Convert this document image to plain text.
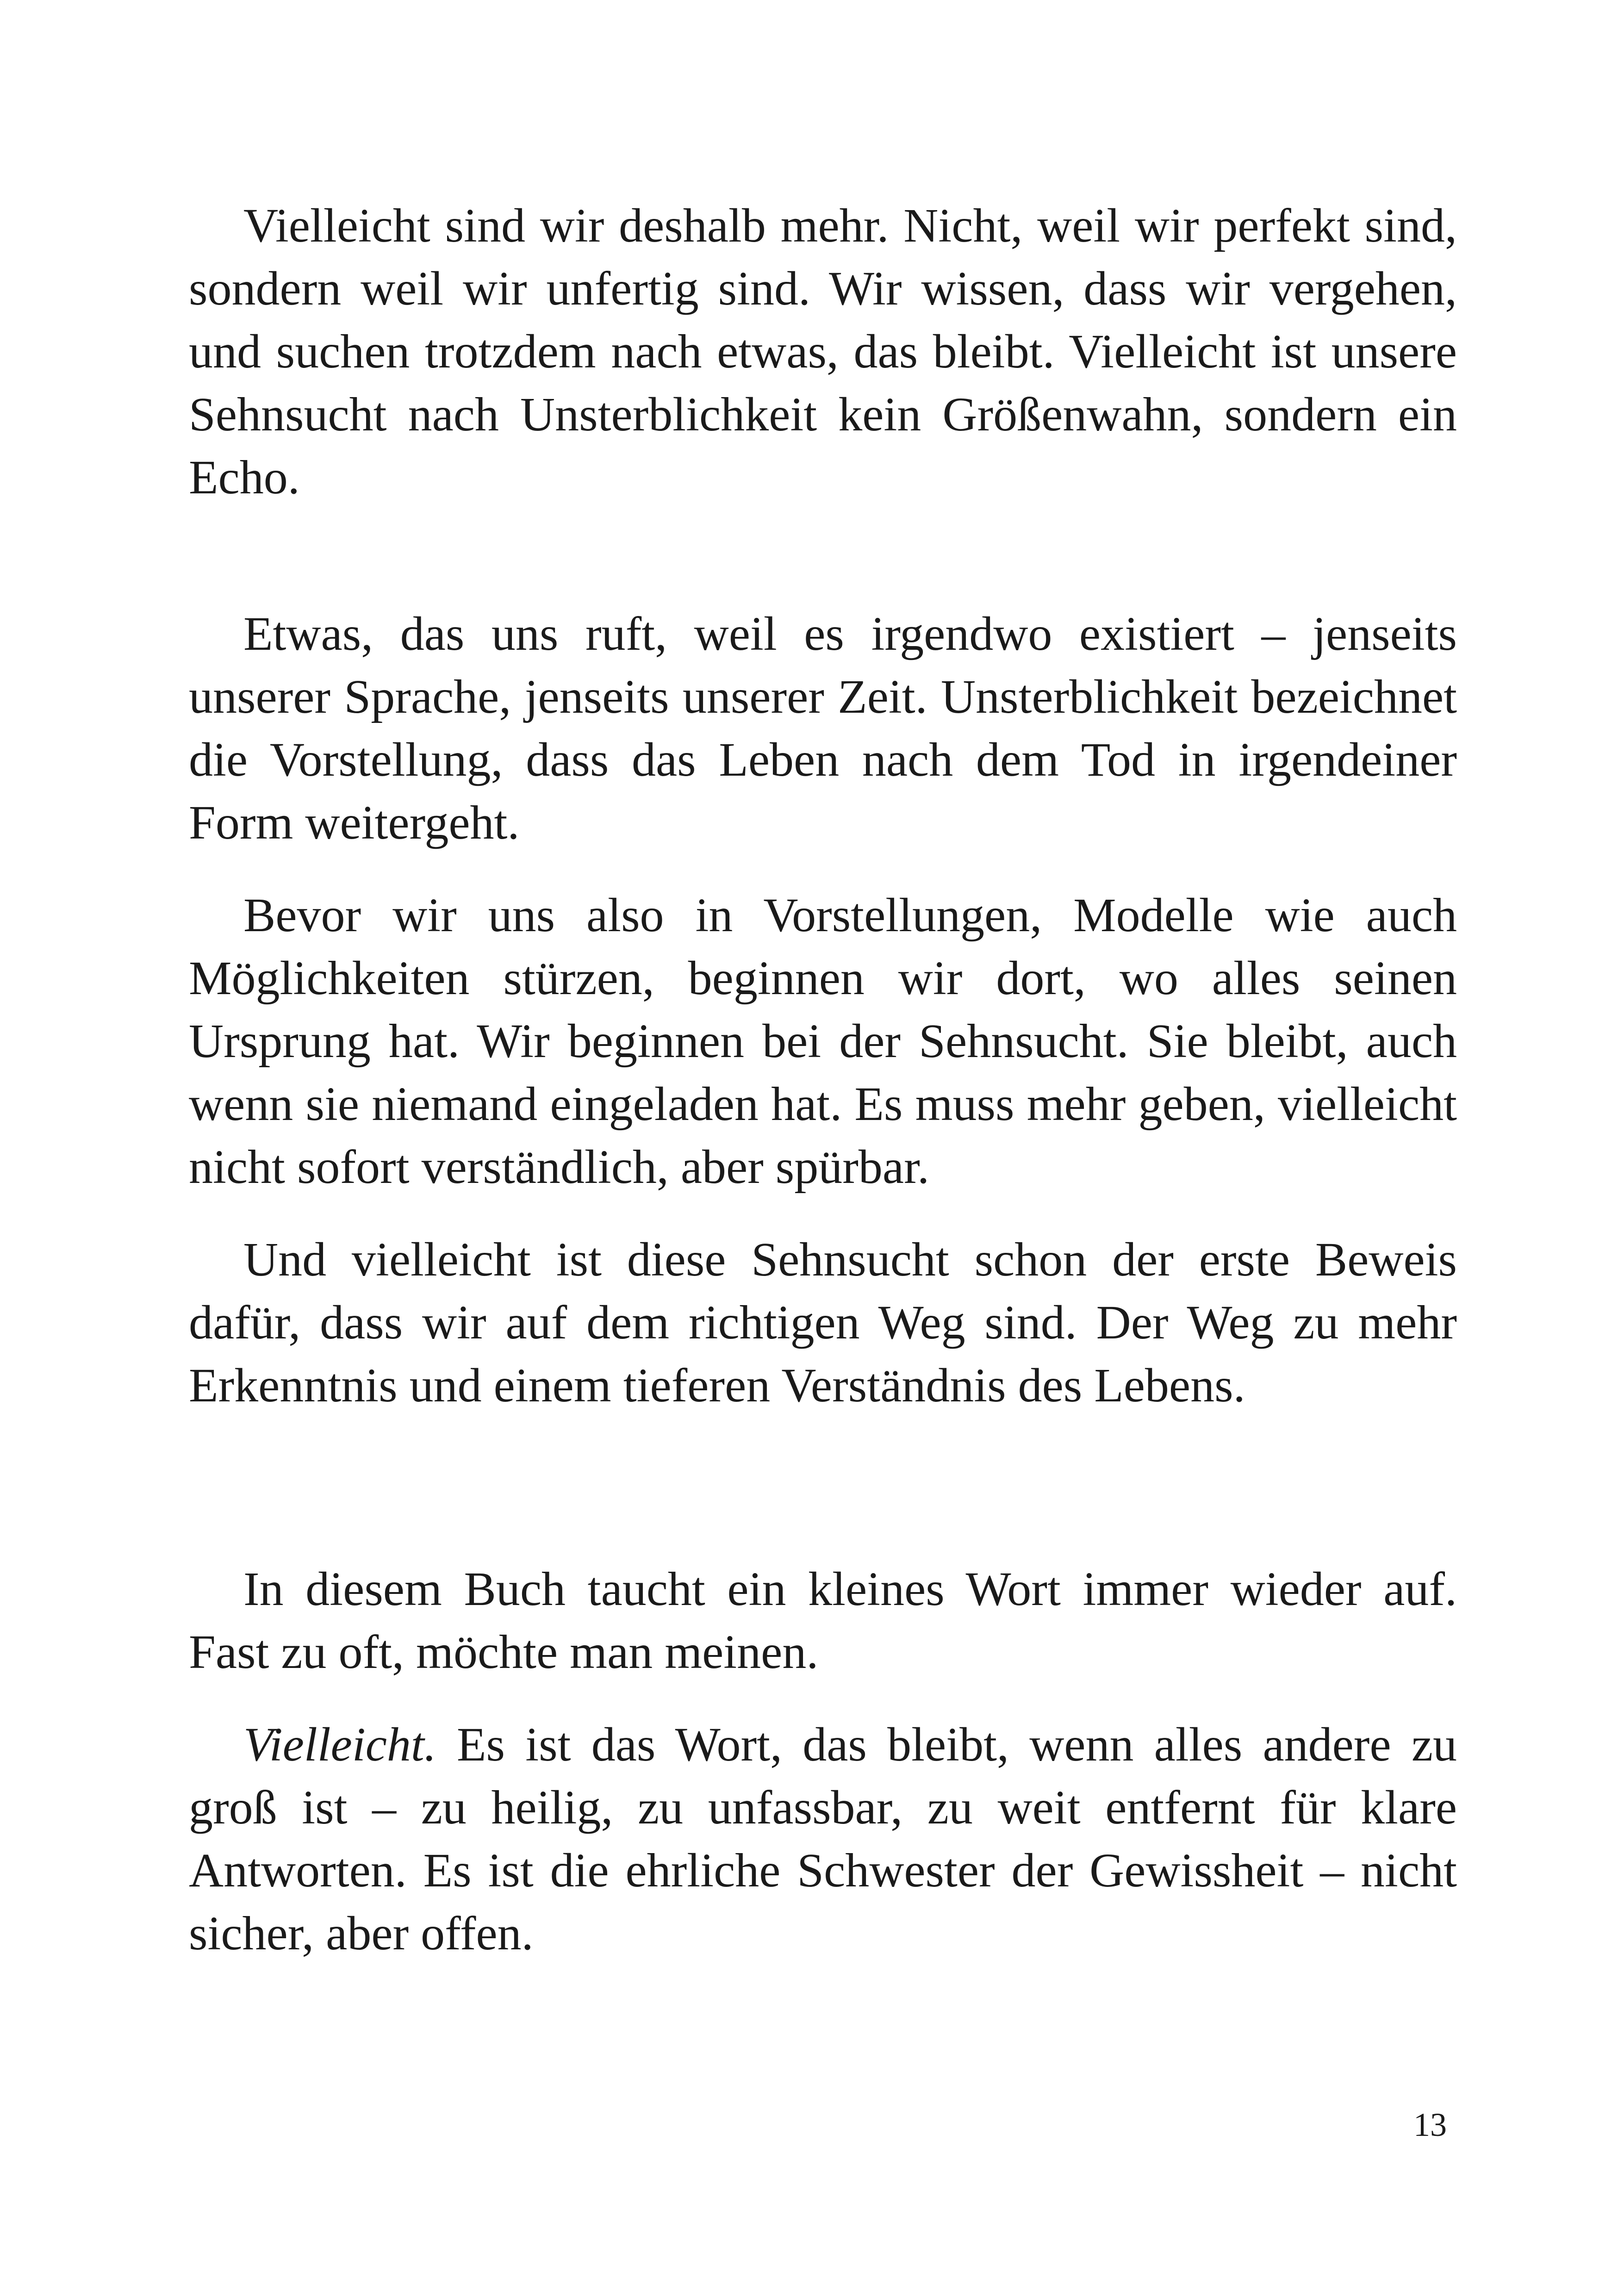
Vielleicht sind wir deshalb mehr. Nicht, weil wir perfekt sind, sondern weil wir unfertig sind. Wir wissen, dass wir vergehen, und suchen trotzdem nach etwas, das bleibt. Vielleicht ist unsere Sehnsucht nach Unsterblichkeit kein Größenwahn, sondern ein Echo.

Etwas, das uns ruft, weil es irgendwo existiert – jenseits unserer Sprache, jenseits unserer Zeit. Unsterblichkeit bezeichnet die Vorstellung, dass das Leben nach dem Tod in irgendeiner Form weitergeht.

Bevor wir uns also in Vorstellungen, Modelle wie auch Möglichkeiten stürzen, beginnen wir dort, wo alles seinen Ursprung hat. Wir beginnen bei der Sehnsucht. Sie bleibt, auch wenn sie niemand eingeladen hat. Es muss mehr geben, vielleicht nicht sofort verständlich, aber spürbar.

Und vielleicht ist diese Sehnsucht schon der erste Beweis dafür, dass wir auf dem richtigen Weg sind. Der Weg zu mehr Erkenntnis und einem tieferen Verständnis des Lebens.

In diesem Buch taucht ein kleines Wort immer wieder auf. Fast zu oft, möchte man meinen.

Vielleicht. Es ist das Wort, das bleibt, wenn alles andere zu groß ist – zu heilig, zu unfassbar, zu weit entfernt für klare Antworten. Es ist die ehrliche Schwester der Gewissheit – nicht sicher, aber offen.

13
